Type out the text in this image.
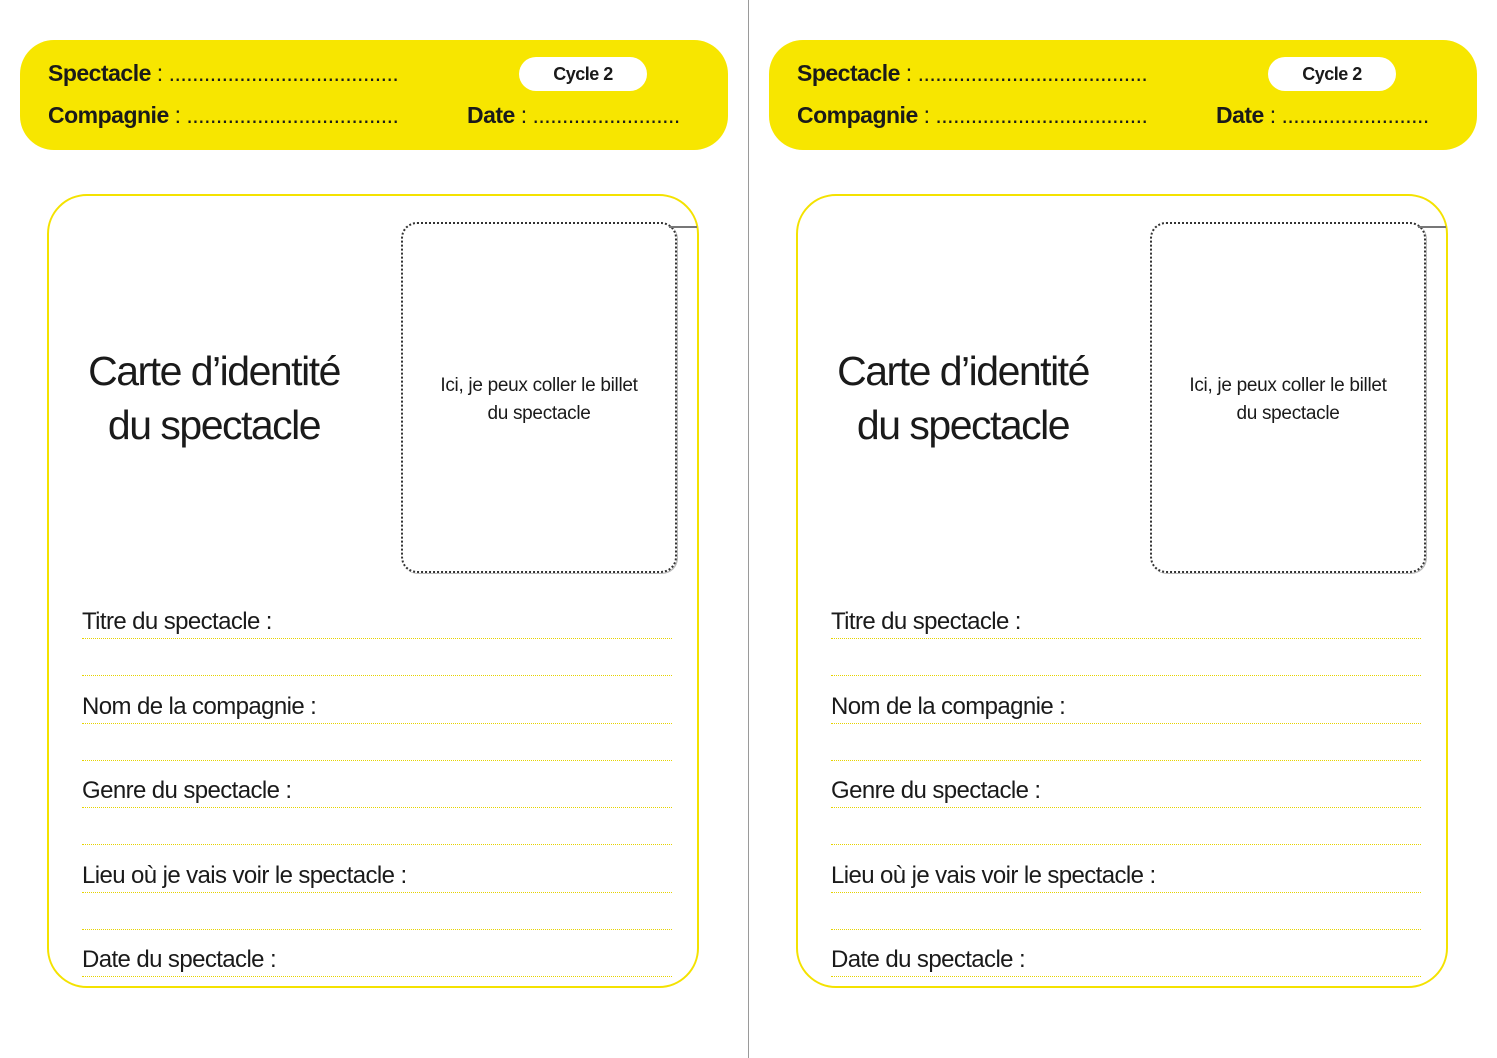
Spectacle : .......................................
Compagnie : ....................................	Date : .........................
Cycle 2
Carte d’identité
du spectacle
Ici, je peux coller le billet
du spectacle
Titre du spectacle :
Nom de la compagnie :
Genre du spectacle :
Lieu où je vais voir le spectacle :
Date du spectacle :
Spectacle : .......................................
Compagnie : ....................................	Date : .........................
Cycle 2
Carte d’identité
du spectacle
Ici, je peux coller le billet
du spectacle
Titre du spectacle :
Nom de la compagnie :
Genre du spectacle :
Lieu où je vais voir le spectacle :
Date du spectacle :
